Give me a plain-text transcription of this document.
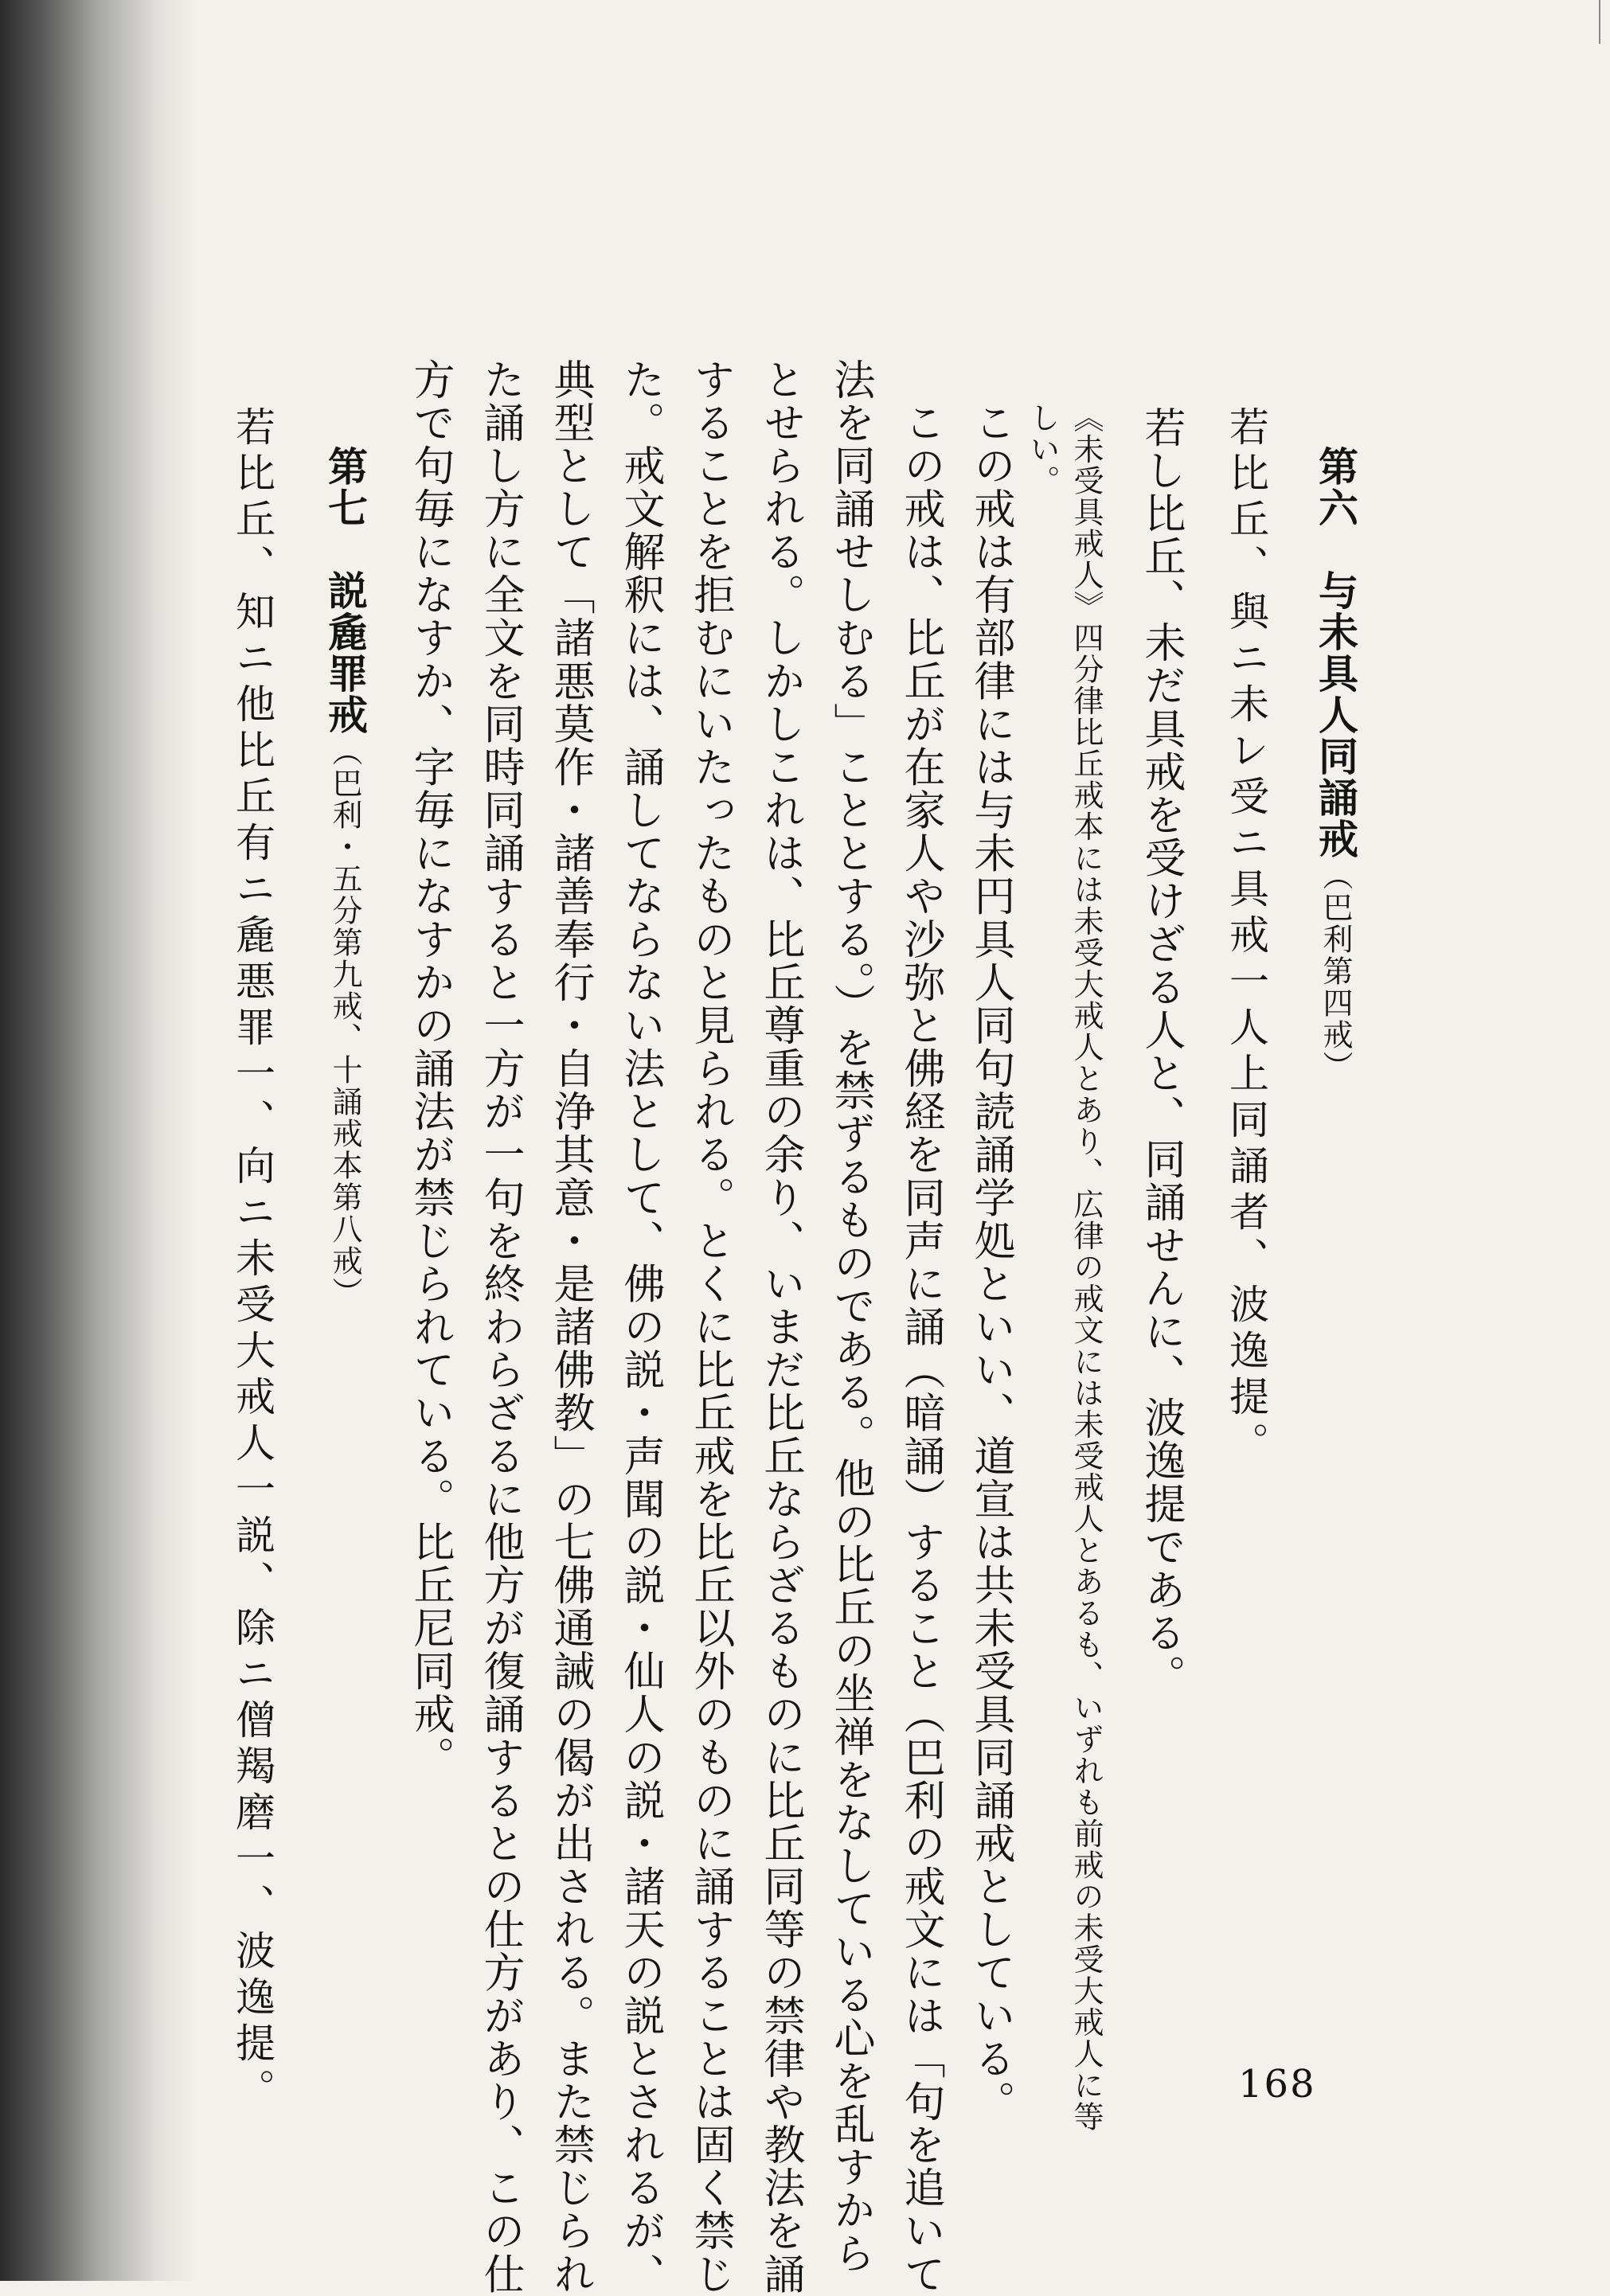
第六　与未具人同誦戒（巴利第四戒）
若比丘、與ニ未レ受ニ具戒一人上同誦者、波逸提。
若し比丘、未だ具戒を受けざる人と、同誦せんに、波逸提である。
《未受具戒人》四分律比丘戒本には未受大戒人とあり、広律の戒文には未受戒人とあるも、いずれも前戒の未受大戒人に等
しい。
　この戒は有部律には与未円具人同句読誦学処といい、道宣は共未受具同誦戒としている。
　この戒は、比丘が在家人や沙弥と佛経を同声に誦（暗誦）すること（巴利の戒文には「句を追いて
法を同誦せしむる」こととする。）を禁ずるものである。他の比丘の坐禅をなしている心を乱すから
とせられる。しかしこれは、比丘尊重の余り、いまだ比丘ならざるものに比丘同等の禁律や教法を誦
することを拒むにいたったものと見られる。とくに比丘戒を比丘以外のものに誦することは固く禁じ
た。戒文解釈には、誦してならない法として、佛の説・声聞の説・仙人の説・諸天の説とされるが、
典型として「諸悪莫作・諸善奉行・自浄其意・是諸佛教」の七佛通誡の偈が出される。また禁じられ
た誦し方に全文を同時同誦すると一方が一句を終わらざるに他方が復誦するとの仕方があり、この仕
方で句毎になすか、字毎になすかの誦法が禁じられている。比丘尼同戒。
第七　説麁罪戒（巴利・五分第九戒、十誦戒本第八戒）
若比丘、知ニ他比丘有ニ麁悪罪一、向ニ未受大戒人一説、除ニ僧羯磨一、波逸提。	168
